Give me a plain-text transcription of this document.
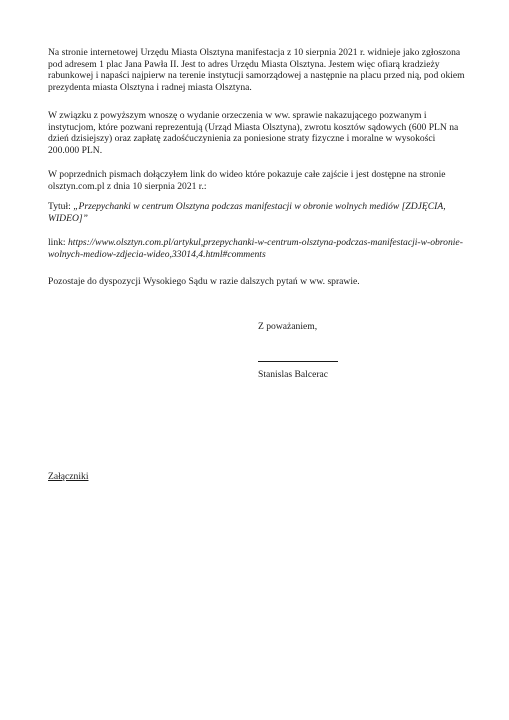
Na stronie internetowej Urzędu Miasta Olsztyna manifestacja z 10 sierpnia 2021 r. widnieje jako zgłoszona pod adresem 1 plac Jana Pawła II. Jest to adres Urzędu Miasta Olsztyna. Jestem więc ofiarą kradzieży rabunkowej i napaści najpierw na terenie instytucji samorządowej a następnie na placu przed nią, pod okiem prezydenta miasta Olsztyna i radnej miasta Olsztyna.

W związku z powyższym wnoszę o wydanie orzeczenia w ww. sprawie nakazującego pozwanym i instytucjom, które pozwani reprezentują (Urząd Miasta Olsztyna), zwrotu kosztów sądowych (600 PLN na dzień dzisiejszy) oraz zapłatę zadośćuczynienia za poniesione straty fizyczne i moralne w wysokości 200.000 PLN.

W poprzednich pismach dołączyłem link do wideo które pokazuje całe zajście i jest dostępne na stronie olsztyn.com.pl z dnia 10 sierpnia 2021 r.:

Tytuł: „Przepychanki w centrum Olsztyna podczas manifestacji w obronie wolnych mediów [ZDJĘCIA, WIDEO]”

link: https://www.olsztyn.com.pl/artykul,przepychanki-w-centrum-olsztyna-podczas-manifestacji-w-obronie-wolnych-mediow-zdjecia-wideo,33014,4.html#comments

Pozostaje do dyspozycji Wysokiego Sądu w razie dalszych pytań w ww. sprawie.

Z poważaniem,
Stanislas Balcerac
Załączniki
